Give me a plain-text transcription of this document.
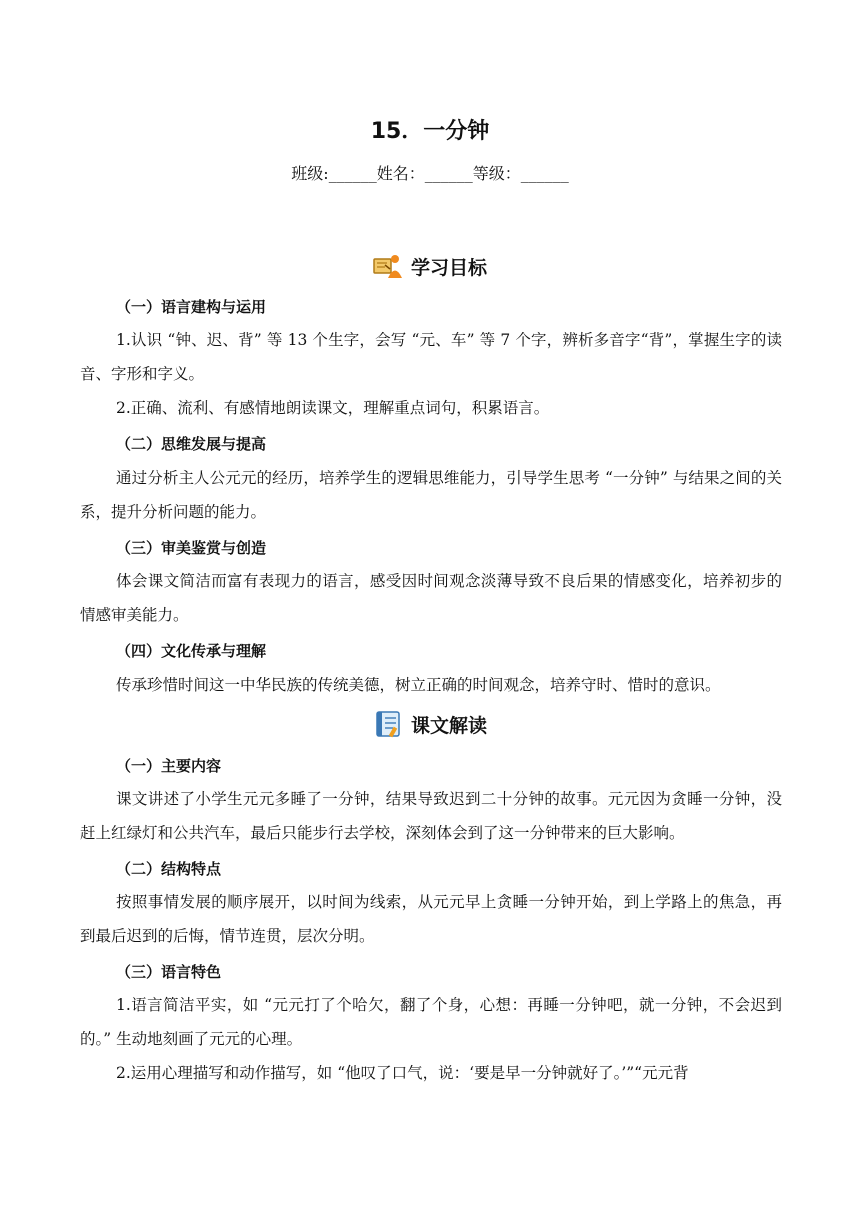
15．一分钟
班级:______姓名：______等级：______
学习目标
（一）语言建构与运用
1.认识 “钟、迟、背” 等 13 个生字，会写 “元、车” 等 7 个字，辨析多音字“背”，掌握生字的读音、字形和字义。
2.正确、流利、有感情地朗读课文，理解重点词句，积累语言。
（二）思维发展与提高
通过分析主人公元元的经历，培养学生的逻辑思维能力，引导学生思考 “一分钟” 与结果之间的关系，提升分析问题的能力。
（三）审美鉴赏与创造
体会课文简洁而富有表现力的语言，感受因时间观念淡薄导致不良后果的情感变化，培养初步的情感审美能力。
（四）文化传承与理解
传承珍惜时间这一中华民族的传统美德，树立正确的时间观念，培养守时、惜时的意识。
课文解读
（一）主要内容
课文讲述了小学生元元多睡了一分钟，结果导致迟到二十分钟的故事。元元因为贪睡一分钟，没赶上红绿灯和公共汽车，最后只能步行去学校，深刻体会到了这一分钟带来的巨大影响。
（二）结构特点
按照事情发展的顺序展开，以时间为线索，从元元早上贪睡一分钟开始，到上学路上的焦急，再到最后迟到的后悔，情节连贯，层次分明。
（三）语言特色
1.语言简洁平实，如 “元元打了个哈欠，翻了个身，心想：再睡一分钟吧，就一分钟，不会迟到的。” 生动地刻画了元元的心理。
2.运用心理描写和动作描写，如 “他叹了口气，说：‘要是早一分钟就好了。’”“元元背
